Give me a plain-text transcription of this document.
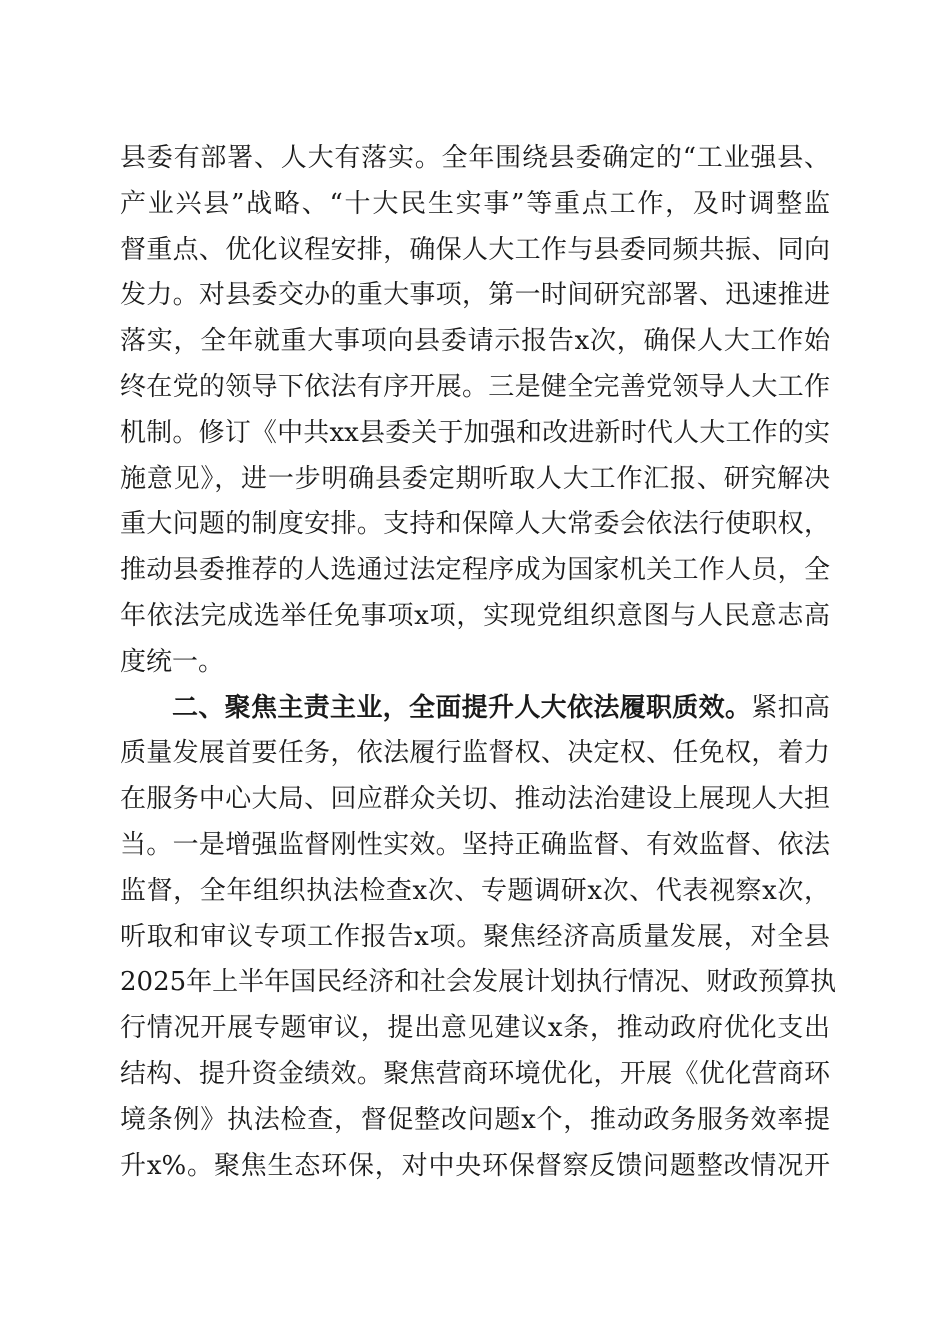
县委有部署、人大有落实。全年围绕县委确定的“工业强县、
产业兴县”战略、“十大民生实事”等重点工作，及时调整监
督重点、优化议程安排，确保人大工作与县委同频共振、同向
发力。对县委交办的重大事项，第一时间研究部署、迅速推进
落实，全年就重大事项向县委请示报告x次，确保人大工作始
终在党的领导下依法有序开展。三是健全完善党领导人大工作
机制。修订《中共xx县委关于加强和改进新时代人大工作的实
施意见》，进一步明确县委定期听取人大工作汇报、研究解决
重大问题的制度安排。支持和保障人大常委会依法行使职权，
推动县委推荐的人选通过法定程序成为国家机关工作人员，全
年依法完成选举任免事项x项，实现党组织意图与人民意志高
度统一。
二、聚焦主责主业，全面提升人大依法履职质效。紧扣高
质量发展首要任务，依法履行监督权、决定权、任免权，着力
在服务中心大局、回应群众关切、推动法治建设上展现人大担
当。一是增强监督刚性实效。坚持正确监督、有效监督、依法
监督，全年组织执法检查x次、专题调研x次、代表视察x次，
听取和审议专项工作报告x项。聚焦经济高质量发展，对全县
2025年上半年国民经济和社会发展计划执行情况、财政预算执
行情况开展专题审议，提出意见建议x条，推动政府优化支出
结构、提升资金绩效。聚焦营商环境优化，开展《优化营商环
境条例》执法检查，督促整改问题x个，推动政务服务效率提
升x%。聚焦生态环保，对中央环保督察反馈问题整改情况开
